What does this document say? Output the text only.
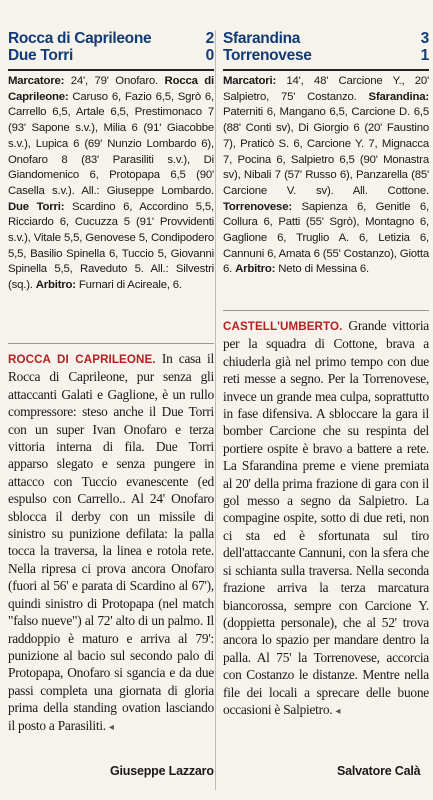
Rocca di Caprileone	2
Due Torri	0
Marcatore: 24', 79' Onofaro. Rocca di Caprileone: Caruso 6, Fazio 6,5, Sgrò 6, Carrello 6,5, Artale 6,5, Prestimonaco 7 (93' Sapone s.v.), Milia 6 (91' Giacobbe s.v.), Lupica 6 (69' Nunzio Lombardo 6), Onofaro 8 (83' Parasiliti s.v.), Di Giandomenico 6, Protopapa 6,5 (90' Casella s.v.). All.: Giuseppe Lombardo. Due Torri: Scardino 6, Accordino 5,5, Ricciardo 6, Cucuzza 5 (91' Provvidenti s.v.), Vitale 5,5, Genovese 5, Condipodero 5,5, Basilio Spinella 6, Tuccio 5, Giovanni Spinella 5,5, Raveduto 5. All.: Silvestri (sq.). Arbitro: Furnari di Acireale, 6.
Sfarandina	3
Torrenovese	1
Marcatori: 14', 48' Carcione Y., 20' Salpietro, 75' Costanzo. Sfarandina: Paterniti 6, Mangano 6,5, Carcione D. 6,5 (88' Conti sv), Di Giorgio 6 (20' Faustino 7), Praticò S. 6, Carcione Y. 7, Mignacca 7, Pocina 6, Salpietro 6,5 (90' Monastra sv), Nibali 7 (57' Russo 6), Panzarella (85' Carcione V. sv). All. Cottone. Torrenovese: Sapienza 6, Genitle 6, Collura 6, Patti (55' Sgrò), Montagno 6, Gaglione 6, Truglio A. 6, Letizia 6, Cannuni 6, Amata 6 (55' Costanzo), Giotta 6. Arbitro: Neto di Messina 6.
ROCCA DI CAPRILEONE. In casa il Rocca di Caprileone, pur senza gli attaccanti Galati e Gaglione, è un rullo compressore: steso anche il Due Torri con un super Ivan Onofaro e terza vittoria interna di fila. Due Torri apparso slegato e senza pungere in attacco con Tuccio evanescente (ed espulso con Carrello.. Al 24' Onofaro sblocca il derby con un missile di sinistro su punizione defilata: la palla tocca la traversa, la linea e rotola rete. Nella ripresa ci prova ancora Onofaro (fuori al 56' e parata di Scardino al 67'), quindi sinistro di Protopapa (nel match "falso nueve") al 72' alto di un palmo. Il raddoppio è maturo e arriva al 79': punizione al bacio sul secondo palo di Protopapa, Onofaro si sgancia e da due passi completa una giornata di gloria prima della standing ovation lasciando il posto a Parasiliti. ◂
CASTELL'UMBERTO. Grande vittoria per la squadra di Cottone, brava a chiuderla già nel primo tempo con due reti messe a segno. Per la Torrenovese, invece un grande mea culpa, soprattutto in fase difensiva. A sbloccare la gara il bomber Carcione che su respinta del portiere ospite è bravo a battere a rete. La Sfarandina preme e viene premiata al 20' della prima frazione di gara con il gol messo a segno da Salpietro. La compagine ospite, sotto di due reti, non ci sta ed è sfortunata sul tiro dell'attaccante Cannuni, con la sfera che si schianta sulla traversa. Nella seconda frazione arriva la terza marcatura biancorossa, sempre con Carcione Y. (doppietta personale), che al 52' trova ancora lo spazio per mandare dentro la palla. Al 75' la Torrenovese, accorcia con Costanzo le distanze. Mentre nella file dei locali a sprecare delle buone occasioni è Salpietro. ◂
Giuseppe Lazzaro	Salvatore Calà
